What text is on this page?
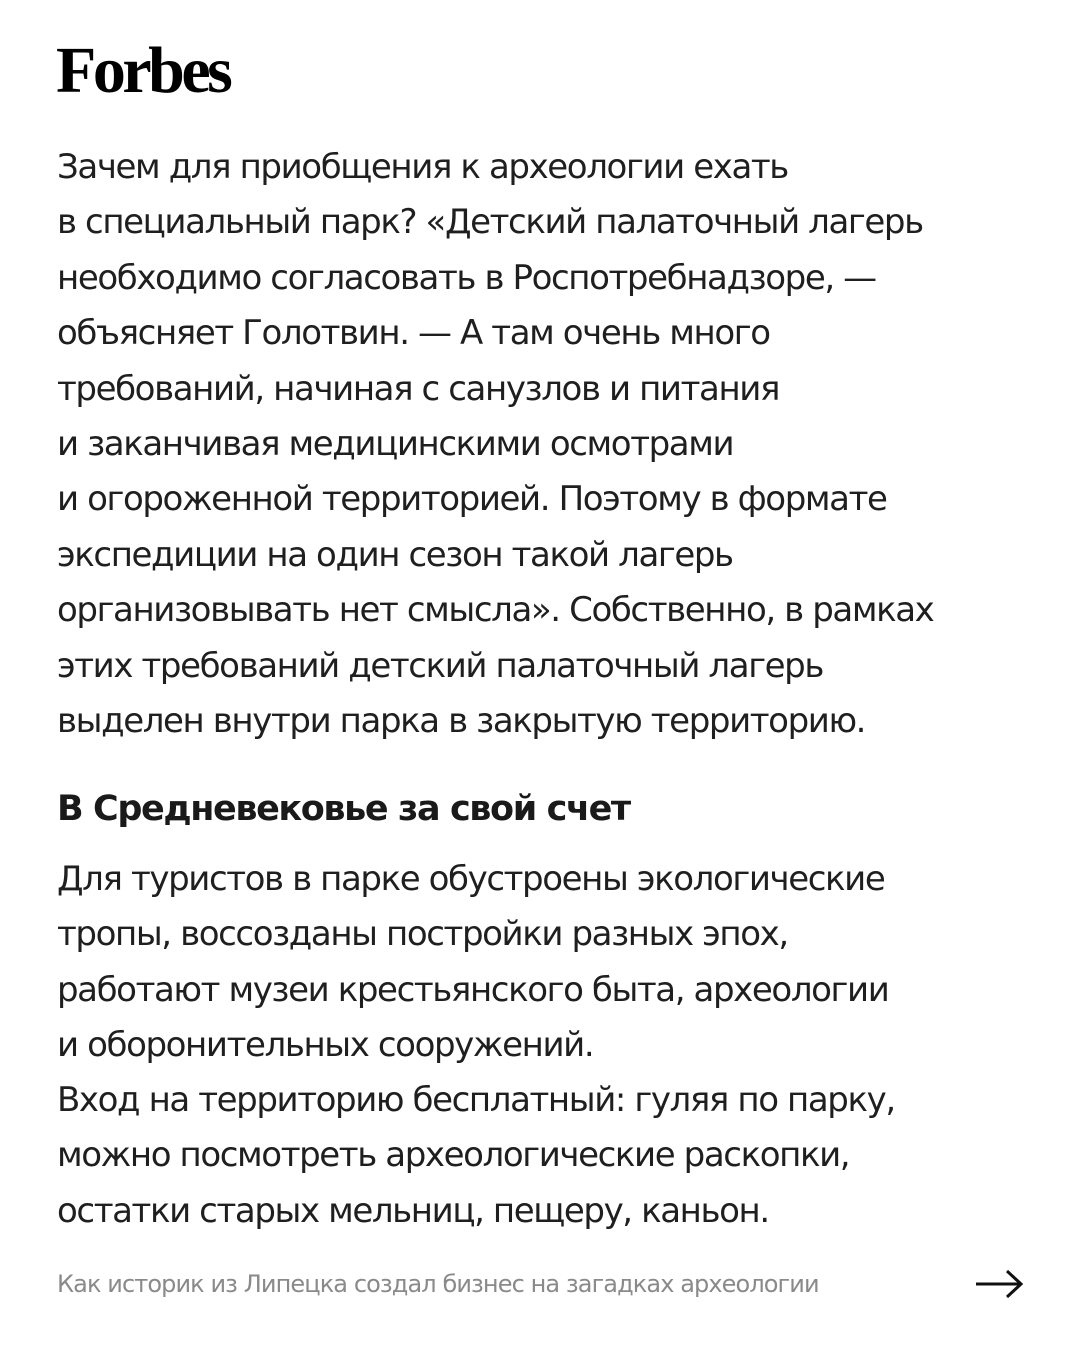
Forbes

Зачем для приобщения к археологии ехать
в специальный парк? «Детский палаточный лагерь
необходимо согласовать в Роспотребнадзоре, —
объясняет Голотвин. — А там очень много
требований, начиная с санузлов и питания
и заканчивая медицинскими осмотрами
и огороженной территорией. Поэтому в формате
экспедиции на один сезон такой лагерь
организовывать нет смысла». Собственно, в рамках
этих требований детский палаточный лагерь
выделен внутри парка в закрытую территорию.

В Средневековье за свой счет

Для туристов в парке обустроены экологические
тропы, воссозданы постройки разных эпох,
работают музеи крестьянского быта, археологии
и оборонительных сооружений.
Вход на территорию бесплатный: гуляя по парку,
можно посмотреть археологические раскопки,
остатки старых мельниц, пещеру, каньон.

Как историк из Липецка создал бизнес на загадках археологии
